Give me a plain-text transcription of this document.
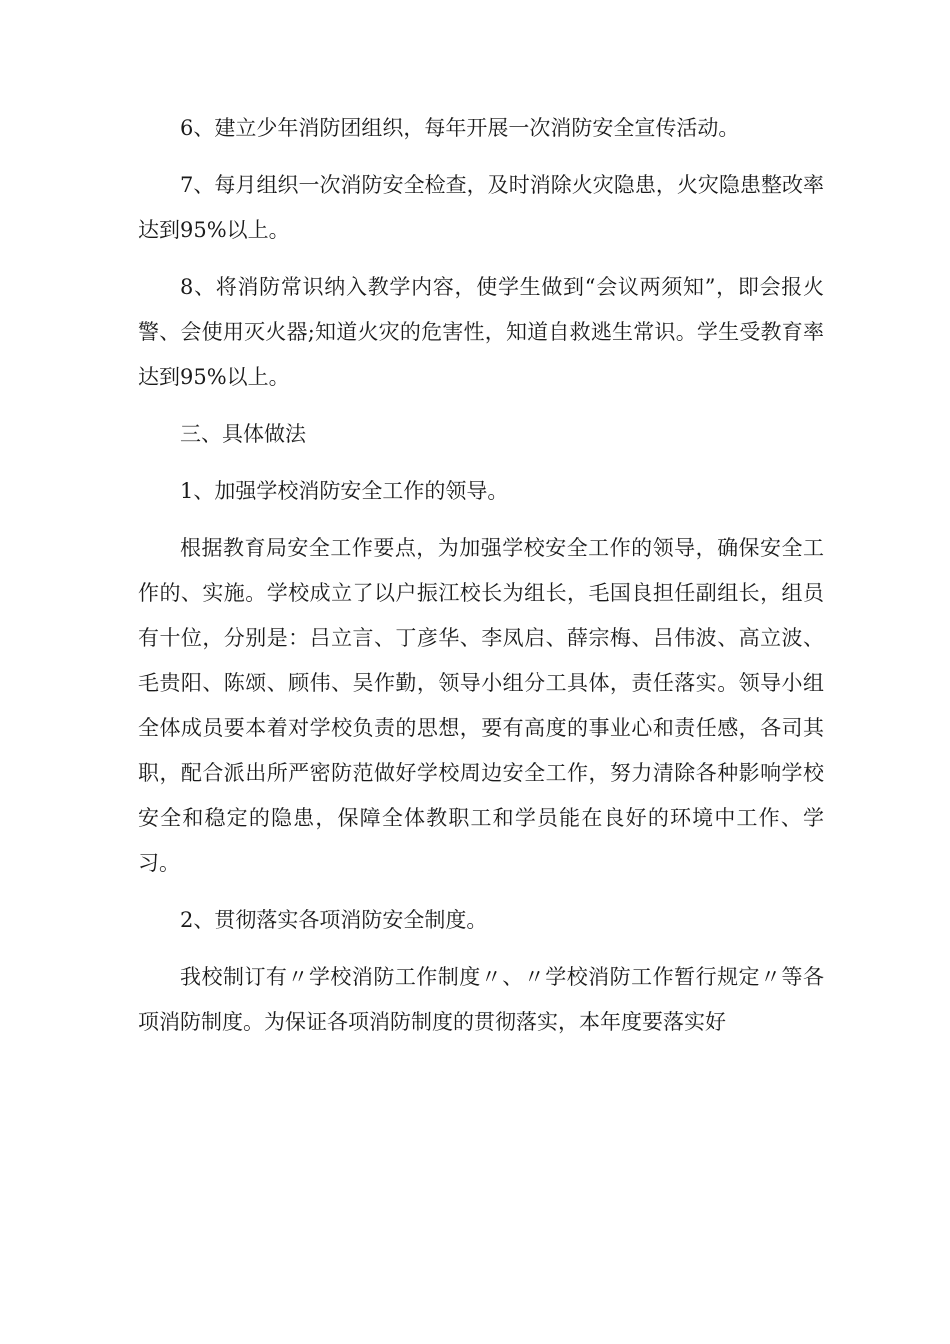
6、建立少年消防团组织，每年开展一次消防安全宣传活动。

7、每月组织一次消防安全检查，及时消除火灾隐患，火灾隐患整改率达到95%以上。

8、将消防常识纳入教学内容，使学生做到“会议两须知”，即会报火警、会使用灭火器;知道火灾的危害性，知道自救逃生常识。学生受教育率达到95%以上。

三、具体做法

1、加强学校消防安全工作的领导。

根据教育局安全工作要点，为加强学校安全工作的领导，确保安全工作的、实施。学校成立了以户振江校长为组长，毛国良担任副组长，组员有十位，分别是：吕立言、丁彦华、李凤启、薛宗梅、吕伟波、高立波、毛贵阳、陈颂、顾伟、吴作勤，领导小组分工具体，责任落实。领导小组全体成员要本着对学校负责的思想，要有高度的事业心和责任感，各司其职，配合派出所严密防范做好学校周边安全工作，努力清除各种影响学校安全和稳定的隐患，保障全体教职工和学员能在良好的环境中工作、学习。

2、贯彻落实各项消防安全制度。

我校制订有〃学校消防工作制度〃、〃学校消防工作暂行规定〃等各项消防制度。为保证各项消防制度的贯彻落实，本年度要落实好
